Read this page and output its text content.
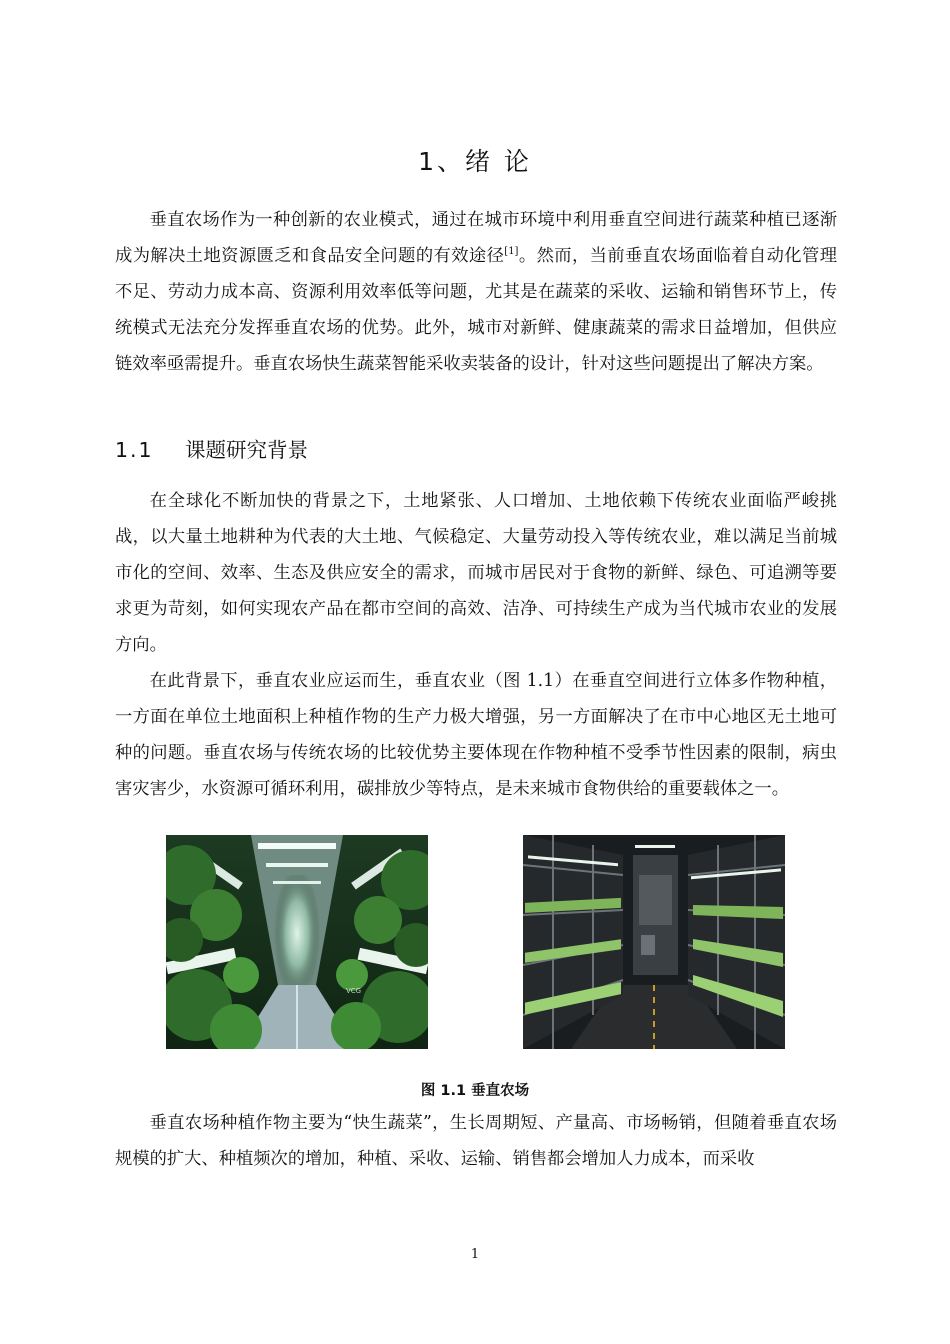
1、绪 论

垂直农场作为一种创新的农业模式，通过在城市环境中利用垂直空间进行蔬菜种植已逐渐成为解决土地资源匮乏和食品安全问题的有效途径[1]。然而，当前垂直农场面临着自动化管理不足、劳动力成本高、资源利用效率低等问题，尤其是在蔬菜的采收、运输和销售环节上，传统模式无法充分发挥垂直农场的优势。此外，城市对新鲜、健康蔬菜的需求日益增加，但供应链效率亟需提升。垂直农场快生蔬菜智能采收卖装备的设计，针对这些问题提出了解决方案。

1.1 课题研究背景

在全球化不断加快的背景之下，土地紧张、人口增加、土地依赖下传统农业面临严峻挑战，以大量土地耕种为代表的大土地、气候稳定、大量劳动投入等传统农业，难以满足当前城市化的空间、效率、生态及供应安全的需求，而城市居民对于食物的新鲜、绿色、可追溯等要求更为苛刻，如何实现农产品在都市空间的高效、洁净、可持续生产成为当代城市农业的发展方向。

在此背景下，垂直农业应运而生，垂直农业（图 1.1）在垂直空间进行立体多作物种植，一方面在单位土地面积上种植作物的生产力极大增强，另一方面解决了在市中心地区无土地可种的问题。垂直农场与传统农场的比较优势主要体现在作物种植不受季节性因素的限制，病虫害灾害少，水资源可循环利用，碳排放少等特点，是未来城市食物供给的重要载体之一。

VCG

图 1.1 垂直农场

垂直农场种植作物主要为“快生蔬菜”，生长周期短、产量高、市场畅销，但随着垂直农场规模的扩大、种植频次的增加，种植、采收、运输、销售都会增加人力成本，而采收

1
